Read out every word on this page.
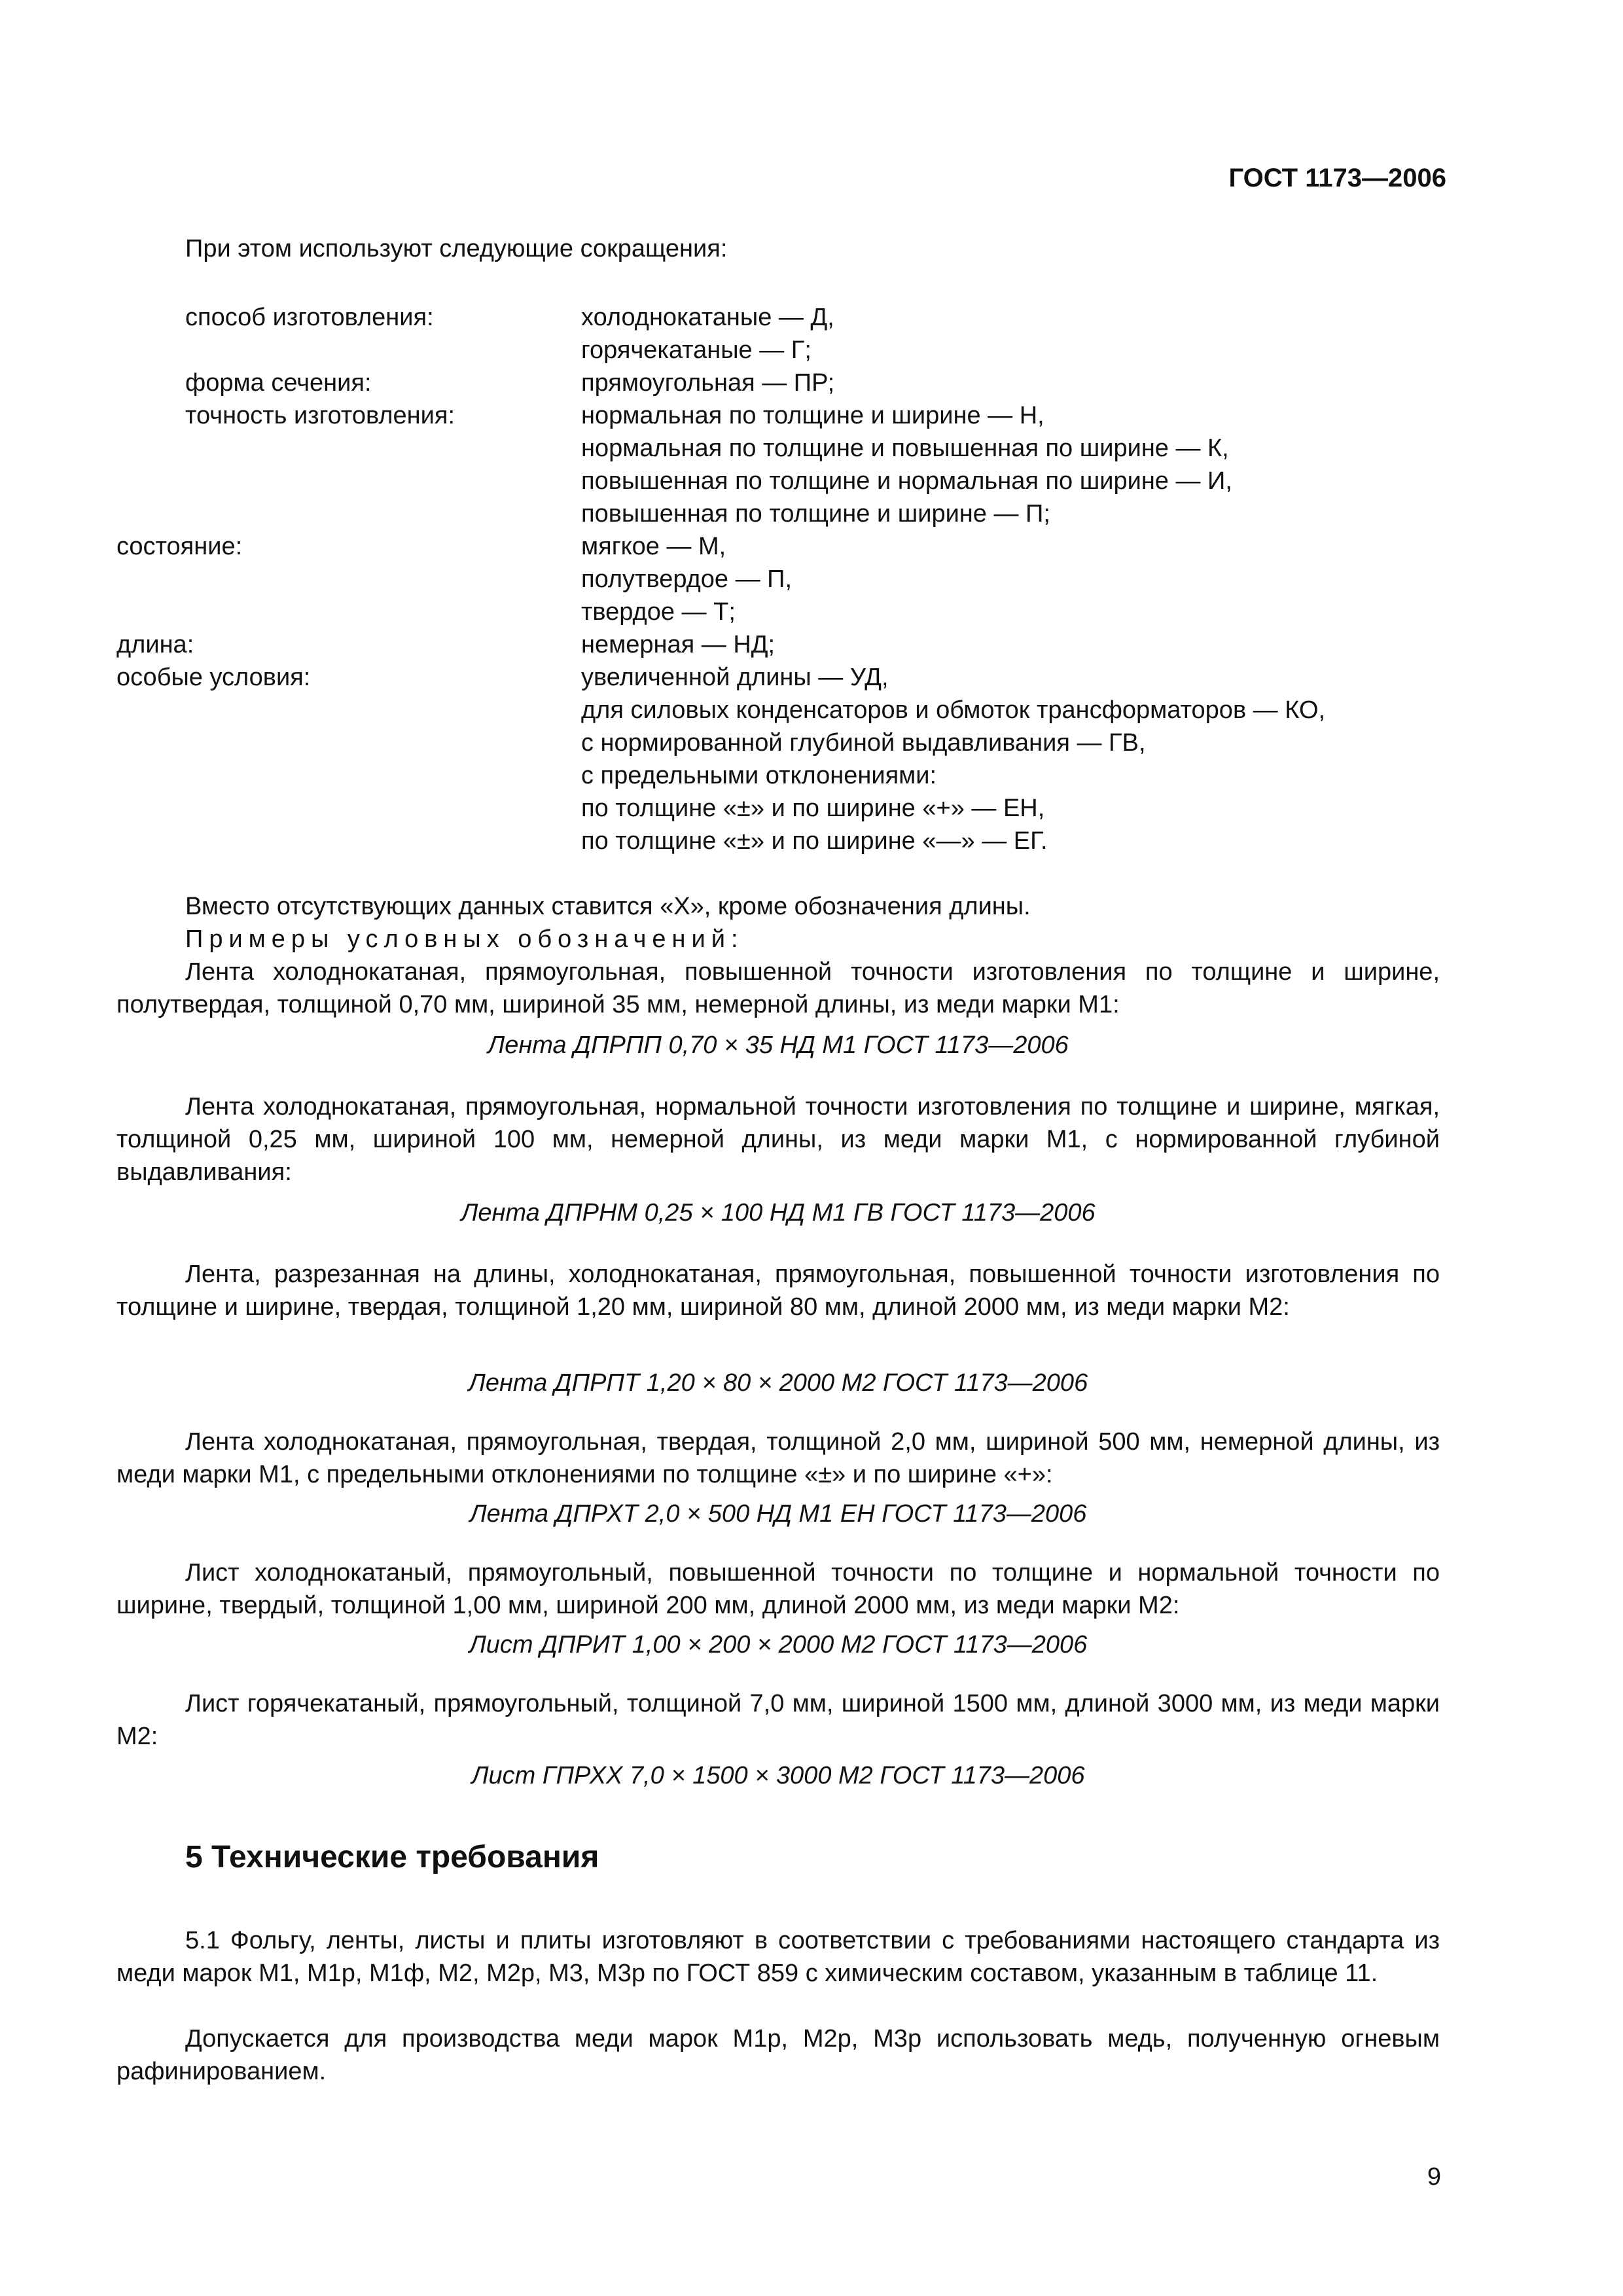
ГОСТ 1173—2006
При этом используют следующие сокращения:
способ изготовления:	холоднокатаные — Д,
горячекатаные — Г;
форма сечения:	прямоугольная — ПР;
точность изготовления:	нормальная по толщине и ширине — Н,
нормальная по толщине и повышенная по ширине — К,
повышенная по толщине и нормальная по ширине — И,
повышенная по толщине и ширине — П;
состояние:	мягкое — М,
полутвердое — П,
твердое — Т;
длина:	немерная — НД;
особые условия:	увеличенной длины — УД,
для силовых конденсаторов и обмоток трансформаторов — КО,
с нормированной глубиной выдавливания — ГВ,
с предельными отклонениями:
по толщине «±» и по ширине «+» — ЕН,
по толщине «±» и по ширине «—» — ЕГ.
Вместо отсутствующих данных ставится «Х», кроме обозначения длины.
Примеры условных обозначений:

Лента холоднокатаная, прямоугольная, повышенной точности изготовления по толщине и ширине, полутвердая, толщиной 0,70 мм, шириной 35 мм, немерной длины, из меди марки М1:

Лента ДПРПП 0,70 × 35 НД М1 ГОСТ 1173—2006

Лента холоднокатаная, прямоугольная, нормальной точности изготовления по толщине и ширине, мягкая, толщиной 0,25 мм, шириной 100 мм, немерной длины, из меди марки М1, с нормированной глубиной выдавливания:

Лента ДПРНМ 0,25 × 100 НД М1 ГВ ГОСТ 1173—2006

Лента, разрезанная на длины, холоднокатаная, прямоугольная, повышенной точности изготовления по толщине и ширине, твердая, толщиной 1,20 мм, шириной 80 мм, длиной 2000 мм, из меди марки М2:

Лента ДПРПТ 1,20 × 80 × 2000 М2 ГОСТ 1173—2006

Лента холоднокатаная, прямоугольная, твердая, толщиной 2,0 мм, шириной 500 мм, немерной длины, из меди марки М1, с предельными отклонениями по толщине «±» и по ширине «+»:

Лента ДПРХТ 2,0 × 500 НД М1 ЕН ГОСТ 1173—2006

Лист холоднокатаный, прямоугольный, повышенной точности по толщине и нормальной точности по ширине, твердый, толщиной 1,00 мм, шириной 200 мм, длиной 2000 мм, из меди марки М2:

Лист ДПРИТ 1,00 × 200 × 2000 М2 ГОСТ 1173—2006

Лист горячекатаный, прямоугольный, толщиной 7,0 мм, шириной 1500 мм, длиной 3000 мм, из меди марки М2:

Лист ГПРХХ 7,0 × 1500 × 3000 М2 ГОСТ 1173—2006
5 Технические требования

5.1 Фольгу, ленты, листы и плиты изготовляют в соответствии с требованиями настоящего стандарта из меди марок М1, М1р, М1ф, М2, М2р, М3, М3р по ГОСТ 859 с химическим составом, указанным в таблице 11.

Допускается для производства меди марок М1р, М2р, М3р использовать медь, полученную огневым рафинированием.

9
